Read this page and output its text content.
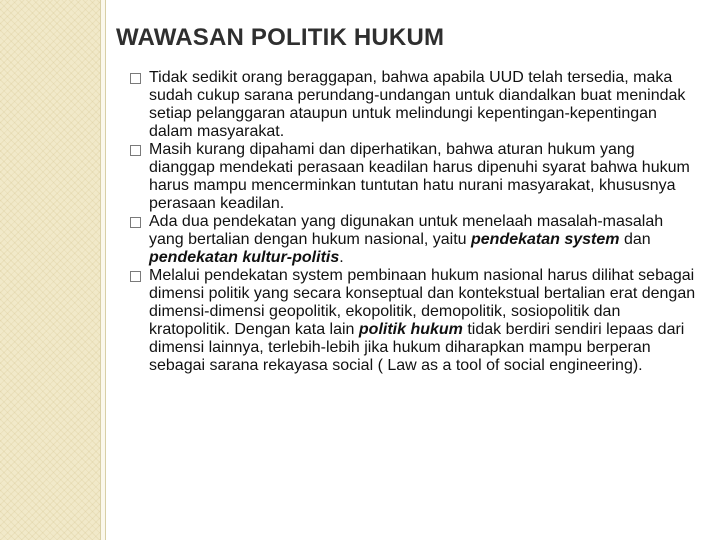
WAWASAN POLITIK HUKUM
Tidak sedikit orang beraggapan, bahwa apabila UUD telah tersedia, maka sudah cukup sarana perundang-undangan untuk diandalkan buat menindak setiap pelanggaran ataupun untuk melindungi kepentingan-kepentingan dalam masyarakat.
Masih kurang dipahami dan diperhatikan, bahwa aturan hukum yang dianggap mendekati perasaan keadilan harus dipenuhi syarat bahwa hukum harus mampu mencerminkan tuntutan hatu nurani masyarakat, khususnya perasaan keadilan.
Ada dua pendekatan yang digunakan untuk menelaah masalah-masalah yang bertalian dengan hukum nasional, yaitu pendekatan system dan pendekatan kultur-politis.
Melalui pendekatan system pembinaan hukum nasional harus dilihat sebagai dimensi politik yang secara konseptual dan kontekstual bertalian erat dengan dimensi-dimensi geopolitik, ekopolitik, demopolitik, sosiopolitik dan kratopolitik. Dengan kata lain politik hukum tidak berdiri sendiri lepaas dari dimensi lainnya, terlebih-lebih jika hukum diharapkan mampu berperan sebagai sarana rekayasa social ( Law as a tool of social engineering).
